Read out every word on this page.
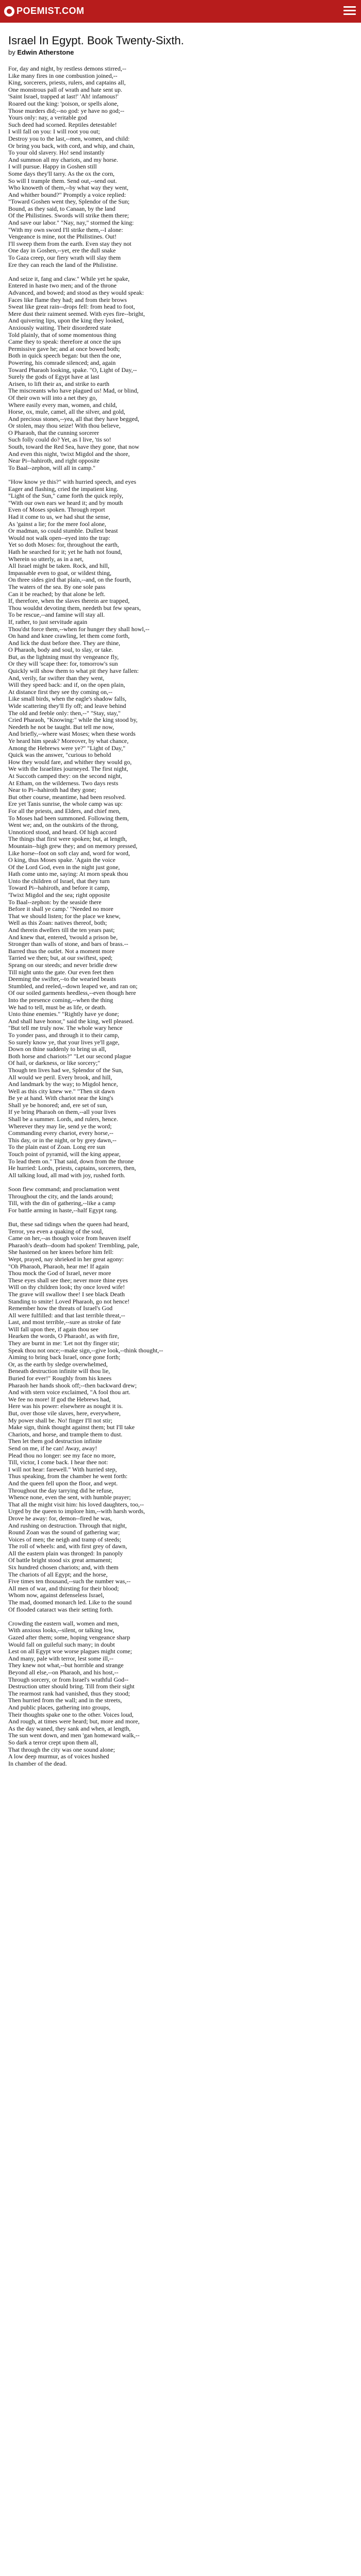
POEMIST.COM
Israel In Egypt. Book Twenty-Sixth.
by Edwin Atherstone
For, day and night, by restless demons stirred,--
Like many fires in one combustion joined,--
King, sorcerers, priests, rulers, and captains all,
One monstrous pall of wrath and hate sent up.
'Saint Israel, trapped at last!' 'Ah! infamous!'
Roared out the king: 'poison, or spells alone,
Those murders did;--no god: ye have no god;--
Yours only: nay, a veritable god
Such deed had scorned. Reptiles detestable!
I will fall on you: I will root you out;
Destroy you to the last,--men, women, and child:
Or bring you back, with cord, and whip, and chain,
To your old slavery. Ho! send instantly
And summon all my chariots, and my horse.
I will pursue. Happy in Goshen still
Some days they'll tarry. As the ox the corn,
So will I trample them. Send out,--send out.
Who knoweth of them,--by what way they went,
And whither bound?" Promptly a voice replied:
"Toward Goshen went they, Splendor of the Sun;
Bound, as they said, to Canaan, by the land
Of the Philistines. Swords will strike them there;
And save our labor." "Nay, nay," stormed the king:
"With my own sword I'll strike them,--I alone:
Vengeance is mine, not the Philistines. Out!
I'll sweep them from the earth. Even stay they not
One day in Goshen,--yet, ere the dull snake
To Gaza creep, our fiery wrath will slay them
Ere they can reach the land of the Philistine.
And seize it, fang and claw." While yet he spake,
Entered in haste two men; and of the throne
Advanced, and bowed; and stood as they would speak:
Faces like flame they had; and from their brows
Sweat like great rain--drops fell: from head to foot,
Mere dust their raiment seemed. With eyes fire--bright,
And quivering lips, upon the king they looked,
Anxiously waiting. Their disordered state
Told plainly, that of some momentous thing
Came they to speak: therefore at once the ups
Permissive gave he; and at once bowed both;
Both in quick speech began: but then the one,
Powering, his comrade silenced; and, again
Toward Pharaoh looking, spake. "O, Light of Day,--
Surely the gods of Egypt have at last
Arisen, to lift their ax, and strike to earth
The miscreants who have plagued us! Mad, or blind,
Of their own will into a net they go,
Where easily every man, women, and child,
Horse, ox, mule, camel, all the silver, and gold,
And precious stones,--yea, all that they have begged,
Or stolen, may thou seize! With thou believe,
O Pharaoh, that the cunning sorcerer
Such folly could do? Yet, as I live, 'tis so!
South, toward the Red Sea, have they gone, that now
And even this night, 'twixt Migdol and the shore,
Near Pi--hahiroth, and right opposite
To Baal--zephon, will all in camp."
"How know ye this?" with hurried speech, and eyes
Eager and flashing, cried the impatient king.
"Light of the Sun," came forth the quick reply,
"With our own ears we heard it; and by mouth
Even of Moses spoken. Through report
Had it come to us, we had shut the sense,
As 'gainst a lie; for the mere fool alone,
Or madman, so could stumble. Dullest beast
Would not walk open--eyed into the trap:
Yet so doth Moses: for, throughout the earth,
Hath he searched for it; yet he hath not found,
Wherein so utterly, as in a net,
All Israel might be taken. Rock, and hill,
Impassable even to goat, or wildest thing,
On three sides gird that plain,--and, on the fourth,
The waters of the sea. By one sole pass
Can it be reached; by that alone be left.
If, therefore, when the slaves therein are trapped,
Thou wouldst devoting them, needeth but few spears,
To be rescue,--and famine will stay all.
If, rather, to just servitude again
Thou'dst force them,--when for hunger they shall howl,--
On hand and knee crawling, let them come forth,
And lick the dust before thee. They are thine,
O Pharaoh, body and soul, to slay, or take.
But, as the lightning must thy vengeance fly,
Or they will 'scape thee: for, tomorrow's sun
Quickly will show them to what pit they have fallen:
And, verily, far swifter than they went,
Will they speed back: and if, on the open plain,
At distance first they see thy coming on,--
Like small birds, when the eagle's shadow falls,
Wide scattering they'll fly off; and leave behind
The old and feeble only: then,--" "Stay, stay,"
Cried Pharaoh, "Knowing:" while the king stood by,
Needeth he not be taught. But tell me now,
And briefly,--where wast Moses; when these words
Ye heard him speak? Moreover, by what chance,
Among the Hebrews were ye?" "Light of Day,"
Quick was the answer, "curious to behold
How they would fare, and whither they would go,
We with the Israelites journeyed. The first night,
At Succoth camped they: on the second night,
At Etham, on the wilderness. Two days rests
Near to Pi--hahiroth had they gone;
But other course, meantime, had been resolved.
Ere yet Tanis sunrise, the whole camp was up:
For all the priests, and Elders, and chief men,
To Moses had been summoned. Following them,
Went we; and, on the outskirts of the throng,
Unnoticed stood, and heard. Of high accord
The things that first were spoken; but, at length,
Mountain--high grew they; and on memory pressed,
Like horse--foot on soft clay and, word for word,
O king, thus Moses spake. 'Again the voice
Of the Lord God, even in the night just gone,
Hath come unto me, saying: At morn speak thou
Unto the children of Israel, that they turn
Toward Pi--hahiroth, and before it camp,
'Twixt Migdol and the sea; right opposite
To Baal--zephon: by the seaside there
Before it shall ye camp.' "Needed no more
That we should listen; for the place we knew,
Well as this Zoan: natives thereof, both;
And therein dwellers till the ten years past;
And knew that, entered, 'twould a prison be,
Stronger than walls of stone, and bars of brass.--
Barred thus the outlet. Not a moment more
Tarried we then; but, at our swiftest, sped;
Sprang on our steeds; and never bridle drew
Till night unto the gate. Our even feet then
Deeming the swifter,--to the wearied beasts
Stumbled, and reeled,--down leaped we, and ran on;
Of our soiled garments heedless,--even though here
Into the presence coming,--when the thing
We had to tell, must be as life, or death.
Unto thine enemies." "Rightly have ye done;
And shall have honor," said the king, well pleased.
"But tell me truly now. The whole wary hence
To yonder pass, and through it to their camp,
So surely know ye, that your lives ye'll gage,
Down on thine suddenly to bring us all,
Both horse and chariots?" "Let our second plague
Of hail, or darkness, or like sorcery;"
Though ten lives had we, Splendor of the Sun,
All would we peril. Every brook, and hill,
And landmark by the way; to Migdol hence,
Well as this city knew we." "Then sit dawn
Be ye at hand. With chariot near the king's
Shall ye be honored; and, ere set of sun,
If ye bring Pharaoh on them,--all your lives
Shall be a summer. Lords, and rulers, hence.
Wherever they may lie, send ye the word;
Commanding every chariot, every horse,--
This day, or in the night, or by grey dawn,--
To the plain east of Zoan. Long ere sun
Touch point of pyramid, will the king appear,
To lead them on." That said, down from the throne
He hurried: Lords, priests, captains, sorcerers, then,
All talking loud, all mad with joy, rushed forth.
Soon flew command; and proclamation went
Throughout the city, and the lands around;
Till, with the din of gathering,--like a camp
For battle arming in haste,--half Egypt rang.
But, these sad tidings when the queen had heard,
Terror, yea even a quaking of the soul,
Came on her,--as though voice from heaven itself
Pharaoh's death--doom had spoken! Trembling, pale,
She hastened on her knees before him fell:
Wept, prayed, nay shrieked in her great agony:
"Oh Pharaoh, Pharaoh, hear me! If again
Thou mock the God of Israel, never more
These eyes shall see thee; never more thine eyes
Will on thy children look; thy once loved wife!
The grave will swallow thee! I see black Death
Standing to smite! Loved Pharaoh, go not hence!
Remember how the threats of Israel's God
All were fulfilled: and that last terrible threat,--
Last, and most terrible,--sure as stroke of fate
Will fall upon thee, if again thou see
Hearken the words, O Pharaoh!, as with fire,
They are burnt in me: 'Let not thy finger stir;
Speak thou not once;--make sign,--give look,--think thought,--
Aiming to bring back Israel, once gone forth;
Or, as the earth by sledge overwhelmed,
Beneath destruction infinite will thou lie,
Buried for ever!" Roughly from his knees
Pharaoh her hands shook off;--then backward drew;
And with stern voice exclaimed, "A fool thou art.
We fee no more! If god the Hebrews had,
Here was his power: elsewhere as nought it is.
But, over those vile slaves, here, everywhere,
My power shall be. No! finger I'll not stir;
Make sign, think thought against them; but I'll take
Chariots, and horse, and trample them to dust.
Then let them god destruction infinite
Send on me, if he can! Away, away!
Plead thou no longer: see my face no more,
Till, victor, I come back. I hear thee not:
I will not hear: farewell." With hurried step,
Thus speaking, from the chamber he went forth:
And the queen fell upon the floor, and wept.
Throughout the day tarrying did he refuse,
Whence none, even the sent, with humble prayer;
That all the might visit him: his loved daughters, too,--
Urged by the queen to implore him,--with harsh words,
Drove he away: for, demon--fired he was,
And rushing on destruction. Through that night,
Round Zoan was the sound of gathering war;
Voices of men; the neigh and tramp of steeds;
The roll of wheels: and, with first grey of dawn,
All the eastern plain was thronged: In panoply
Of battle bright stood six great armament;
Six hundred chosen chariots; and, with them
The chariots of all Egypt; and the horse,
Five times ten thousand,--such the number was,--
All men of war, and thirsting for their blood;
Whom now, against defenseless Israel,
The mad, doomed monarch led. Like to the sound
Of flooded cataract was their setting forth.
Crowding the eastern wall, women and men,
With anxious looks,--silent, or talking low,
Gazed after them; some, hoping vengeance sharp
Would fall on guileful such many; in doubt
Lest on all Egypt woe worse plagues might come;
And many, pale with terror, lest some ill,--
They knew not what,--but horrible and strange
Beyond all else,--on Pharaoh, and his host,--
Through sorcery, or from Israel's wrathful God--
Destruction utter should bring. Till from their sight
The rearmost rank had vanished, thus they stood;
Then hurried from the wall; and in the streets,
And public places, gathering into groups,
Their thoughts spake one to the other. Voices loud,
And rough, at times were heard; but, more and more,
As the day waned, they sank and when, at length,
The sun went down, and men 'gan homeward walk,--
So dark a terror crept upon them all,
That through the city was one sound alone;
A low deep murmur, as of voices hushed
In chamber of the dead.
